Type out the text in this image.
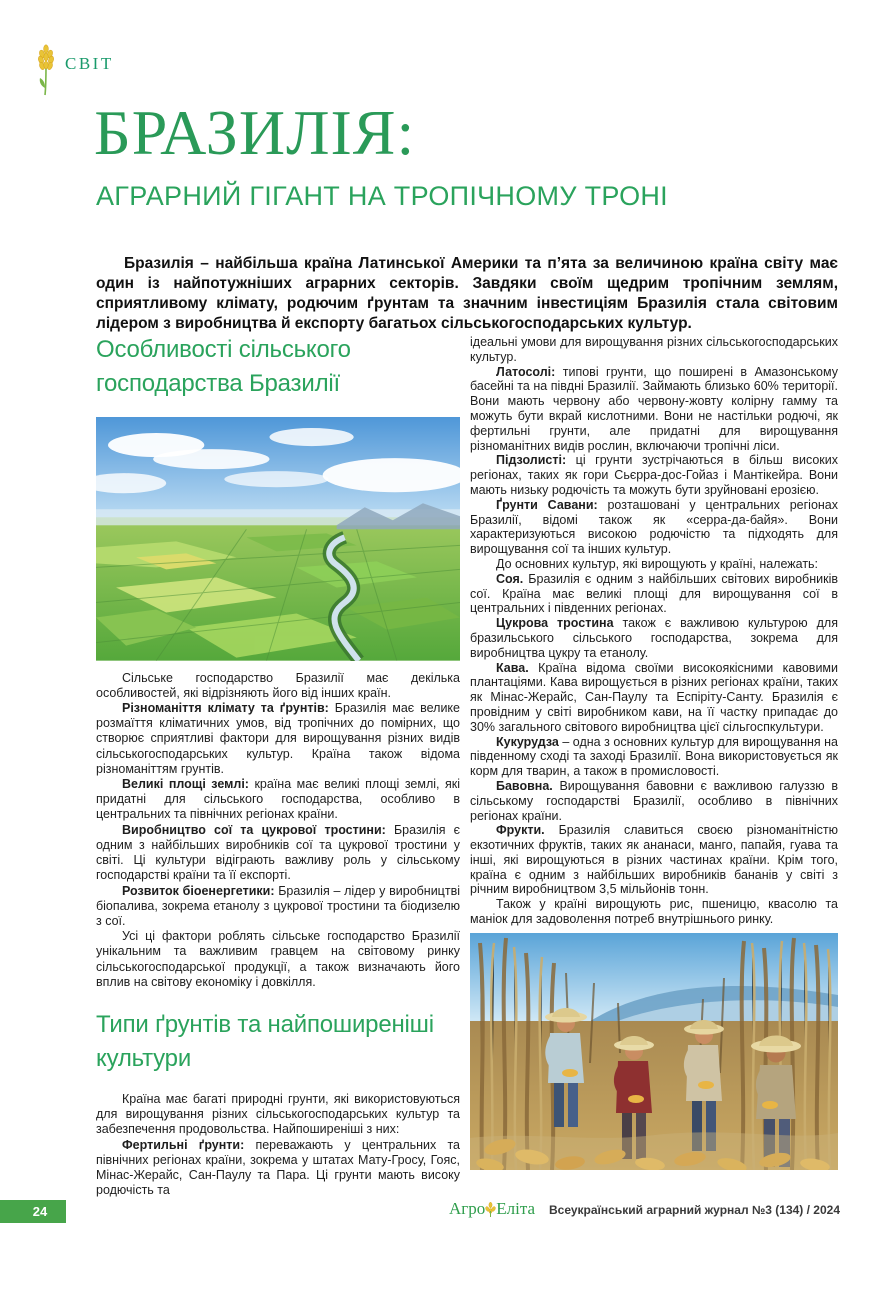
СВІТ
БРАЗИЛІЯ:
АГРАРНИЙ ГІГАНТ НА ТРОПІЧНОМУ ТРОНІ

Бразилія – найбільша країна Латинської Америки та п’ята за величиною країна світу має один із найпотужніших аграрних секторів. Завдяки своїм щедрим тропічним землям, сприятливому клімату, родючим ґрунтам та значним інвестиціям Бразилія стала світовим лідером з виробництва й експорту багатьох сільськогосподарських культур.

Особливості сільського господарства Бразилії

Сільське господарство Бразилії має декілька особливостей, які відрізняють його від інших країн.

Різноманіття клімату та ґрунтів: Бразилія має велике розмаїття кліматичних умов, від тропічних до помірних, що створює сприятливі фактори для вирощування різних видів сільськогосподарських культур. Країна також відома різноманіттям грунтів.

Великі площі землі: країна має великі площі землі, які придатні для сільського господарства, особливо в центральних та північних регіонах країни.

Виробництво сої та цукрової тростини: Бразилія є одним з найбільших виробників сої та цукрової тростини у світі. Ці культури відіграють важливу роль у сільському господарстві країни та її експорті.

Розвиток біоенергетики: Бразилія – лідер у виробництві біопалива, зокрема етанолу з цукрової тростини та біодизелю з сої.

Усі ці фактори роблять сільське господарство Бразилії унікальним та важливим гравцем на світовому ринку сільськогосподарської продукції, а також визначають його вплив на світову економіку і довкілля.

Типи ґрунтів та найпоширеніші культури

Країна має багаті природні грунти, які використовуються для вирощування різних сільськогосподарських культур та забезпечення продовольства. Найпоширеніші з них:

Фертильні ґрунти: переважають у центральних та північних регіонах країни, зокрема у штатах Мату-Гросу, Гояс, Мінас-Жерайс, Сан-Паулу та Пара. Ці грунти мають високу родючість та

ідеальні умови для вирощування різних сільськогосподарських культур.

Латосолі: типові грунти, що поширені в Амазонському басейні та на півдні Бразилії. Займають близько 60% території. Вони мають червону або червону-жовту колірну гамму та можуть бути вкрай кислотними. Вони не настільки родючі, як фертильні грунти, але придатні для вирощування різноманітних видів рослин, включаючи тропічні ліси.

Підзолисті: ці грунти зустрічаються в більш високих регіонах, таких як гори Сьєрра-дос-Гойаз і Мантікейра. Вони мають низьку родючість та можуть бути зруйновані ерозією.

Ґрунти Савани: розташовані у центральних регіонах Бразилії, відомі також як «серра-да-байя». Вони характеризуються високою родючістю та підходять для вирощування сої та інших культур.

До основних культур, які вирощують у країні, належать:

Соя. Бразилія є одним з найбільших світових виробників сої. Країна має великі площі для вирощування сої в центральних і південних регіонах.

Цукрова тростина також є важливою культурою для бразильського сільського господарства, зокрема для виробництва цукру та етанолу.

Кава. Країна відома своїми високоякісними кавовими плантаціями. Кава вирощується в різних регіонах країни, таких як Мінас-Жерайс, Сан-Паулу та Еспіріту-Санту. Бразилія є провідним у світі виробником кави, на її частку припадає до 30% загального світового виробництва цієї сільгоспкультури.

Кукурудза – одна з основних культур для вирощування на південному сході та заході Бразилії. Вона використовується як корм для тварин, а також в промисловості.

Бавовна. Вирощування бавовни є важливою галуззю в сільському господарстві Бразилії, особливо в північних регіонах країни.

Фрукти. Бразилія славиться своєю різноманітністю екзотичних фруктів, таких як ананаси, манго, папайя, гуава та інші, які вирощуються в різних частинах країни. Крім того, країна є одним з найбільших виробників бананів у світі з річним виробництвом 3,5 мільйонів тонн.

Також у країні вирощують рис, пшеницю, квасолю та маніок для задоволення потреб внутрішнього ринку.

24	Агро Еліта Всеукраїнський аграрний журнал №3 (134) / 2024
